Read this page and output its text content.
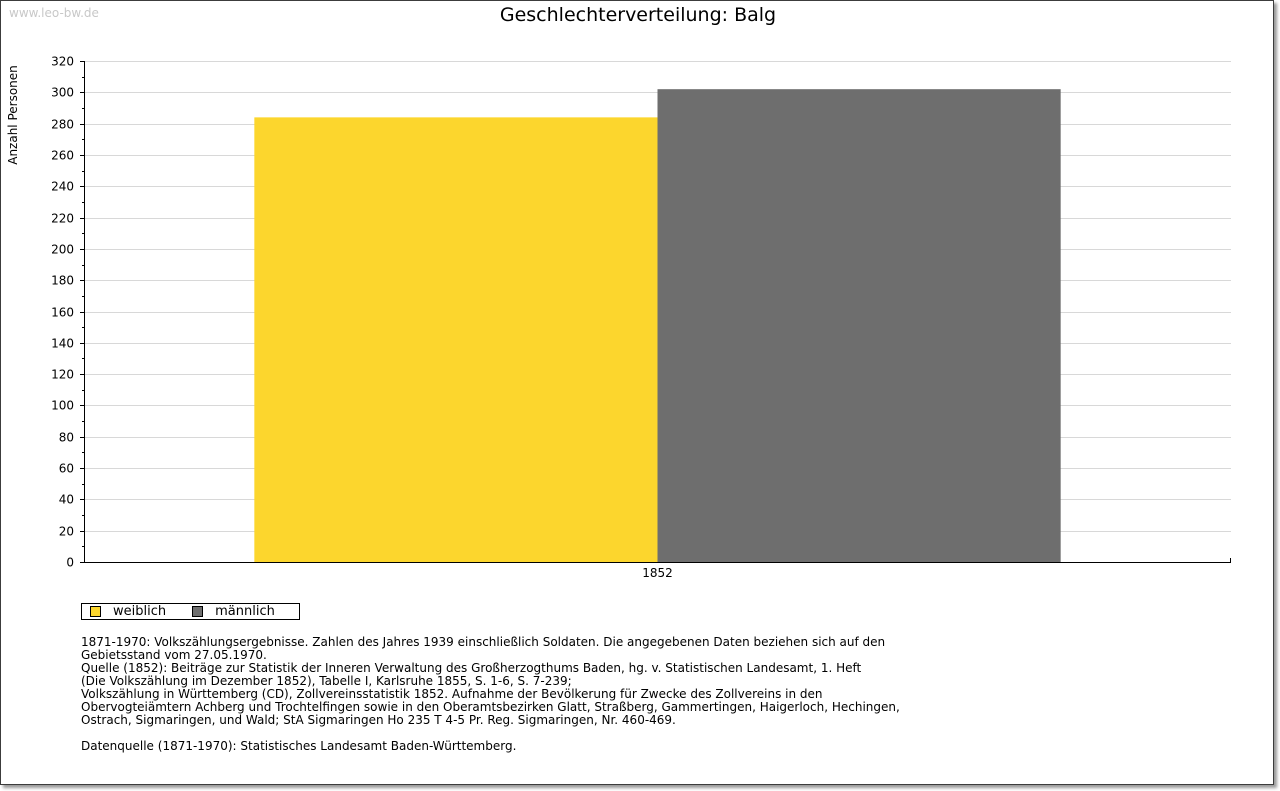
www.leo-bw.de	Geschlechterverteilung: Balg
0
20
40
60
80
100
120
140
160
180
200
220
240
260
280
300
320
1852
Anzahl Personen
weiblich	männlich

1871-1970: Volkszählungsergebnisse. Zahlen des Jahres 1939 einschließlich Soldaten. Die angegebenen Daten beziehen sich auf den
Gebietsstand vom 27.05.1970.
Quelle (1852): Beiträge zur Statistik der Inneren Verwaltung des Großherzogthums Baden, hg. v. Statistischen Landesamt, 1. Heft
(Die Volkszählung im Dezember 1852), Tabelle I, Karlsruhe 1855, S. 1-6, S. 7-239;
Volkszählung in Württemberg (CD), Zollvereinsstatistik 1852. Aufnahme der Bevölkerung für Zwecke des Zollvereins in den
Obervogteiämtern Achberg und Trochtelfingen sowie in den Oberamtsbezirken Glatt, Straßberg, Gammertingen, Haigerloch, Hechingen,
Ostrach, Sigmaringen, und Wald; StA Sigmaringen Ho 235 T 4-5 Pr. Reg. Sigmaringen, Nr. 460-469.

Datenquelle (1871-1970): Statistisches Landesamt Baden-Württemberg.
